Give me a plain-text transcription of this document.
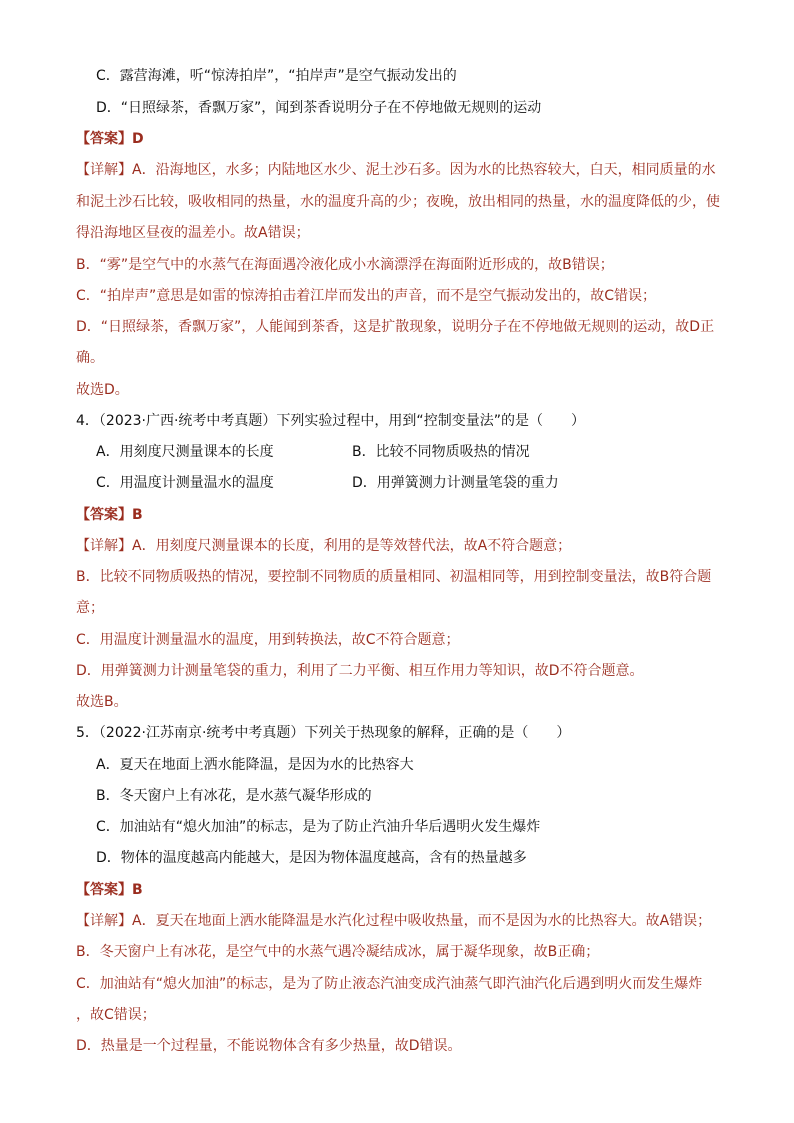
C．露营海滩，听“惊涛拍岸”，“拍岸声”是空气振动发出的
D．“日照绿茶，香飘万家”，闻到茶香说明分子在不停地做无规则的运动
【答案】D
【详解】A．沿海地区，水多；内陆地区水少、泥土沙石多。因为水的比热容较大，白天，相同质量的水
和泥土沙石比较，吸收相同的热量，水的温度升高的少；夜晚，放出相同的热量，水的温度降低的少，使
得沿海地区昼夜的温差小。故A错误；
B．“雾”是空气中的水蒸气在海面遇冷液化成小水滴漂浮在海面附近形成的，故B错误；
C．“拍岸声”意思是如雷的惊涛拍击着江岸而发出的声音，而不是空气振动发出的，故C错误；
D．“日照绿茶，香飘万家”，人能闻到茶香，这是扩散现象，说明分子在不停地做无规则的运动，故D正
确。
故选D。
4．（2023·广西·统考中考真题）下列实验过程中，用到“控制变量法”的是（　　）
A．用刻度尺测量课本的长度	B．比较不同物质吸热的情况
C．用温度计测量温水的温度	D．用弹簧测力计测量笔袋的重力
【答案】B
【详解】A．用刻度尺测量课本的长度，利用的是等效替代法，故A不符合题意；
B．比较不同物质吸热的情况，要控制不同物质的质量相同、初温相同等，用到控制变量法，故B符合题
意；
C．用温度计测量温水的温度，用到转换法，故C不符合题意；
D．用弹簧测力计测量笔袋的重力，利用了二力平衡、相互作用力等知识，故D不符合题意。
故选B。
5．（2022·江苏南京·统考中考真题）下列关于热现象的解释，正确的是（　　）
A．夏天在地面上洒水能降温，是因为水的比热容大
B．冬天窗户上有冰花，是水蒸气凝华形成的
C．加油站有“熄火加油”的标志，是为了防止汽油升华后遇明火发生爆炸
D．物体的温度越高内能越大，是因为物体温度越高，含有的热量越多
【答案】B
【详解】A．夏天在地面上洒水能降温是水汽化过程中吸收热量，而不是因为水的比热容大。故A错误；
B．冬天窗户上有冰花，是空气中的水蒸气遇冷凝结成冰，属于凝华现象，故B正确；
C．加油站有“熄火加油”的标志，是为了防止液态汽油变成汽油蒸气即汽油汽化后遇到明火而发生爆炸
，故C错误；
D．热量是一个过程量，不能说物体含有多少热量，故D错误。
